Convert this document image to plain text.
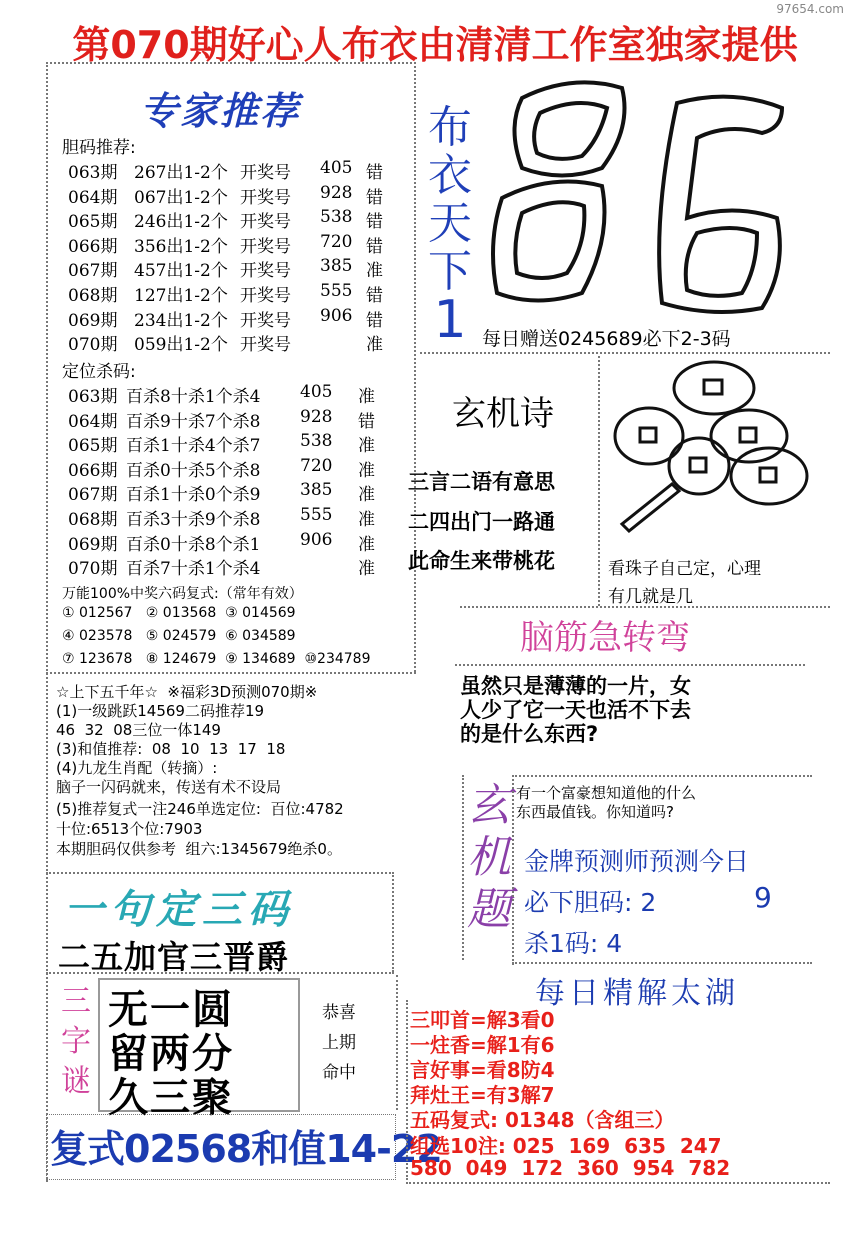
97654.com
第070期好心人布衣由清清工作室独家提供
专家推荐
胆码推荐:
063期 267出1-2个 开奖号 405 错
064期 067出1-2个 开奖号 928 错
065期 246出1-2个 开奖号 538 错
066期 356出1-2个 开奖号 720 错
067期 457出1-2个 开奖号 385 准
068期 127出1-2个 开奖号 555 错
069期 234出1-2个 开奖号 906 错
070期 059出1-2个 开奖号	准
定位杀码:
063期 百杀8十杀1个杀4 405 准
064期 百杀9十杀7个杀8 928 错
065期 百杀1十杀4个杀7 538 准
066期 百杀0十杀5个杀8 720 准
067期 百杀1十杀0个杀9 385 准
068期 百杀3十杀9个杀8 555 准
069期 百杀0十杀8个杀1 906 准
070期 百杀7十杀1个杀4	准
万能100%中奖六码复式:（常年有效）
① 012567   ② 013568  ③ 014569
④ 023578   ⑤ 024579  ⑥ 034589
⑦ 123678   ⑧ 124679  ⑨ 134689  ⑩234789
布
衣
天
下
1 每日赠送0245689必下2-3码
玄机诗
三言二语有意思
二四出门一路通
此命生来带桃花	看珠子自己定，心理
有几就是几
脑筋急转弯
虽然只是薄薄的一片，女
人少了它一天也活不下去
的是什么东西?
☆上下五千年☆  ※福彩3D预测070期※
(1)一级跳跃14569二码推荐19
46  32  08三位一体149
(3)和值推荐:  08  10  13  17  18
(4)九龙生肖配（转摘）:
脑子一闪码就来，传送有术不设局
(5)推荐复式一注246单选定位:  百位:4782
十位:6513个位:7903
本期胆码仅供参考  组六:1345679绝杀0。
玄
机
题
有一个富豪想知道他的什么
东西最值钱。你知道吗?
金牌预测师预测今日
必下胆码: 2	9
杀1码: 4
一句定三码
二五加官三晋爵
三
字
谜
无一圆
留两分
久三聚
恭喜
上期
命中
复式02568和值14-22
每日精解太湖
三叩首=解3看0
一炷香=解1有6
言好事=看8防4
拜灶王=有3解7
五码复式: 01348（含组三）
组选10注: 025  169  635  247
580  049  172  360  954  782
